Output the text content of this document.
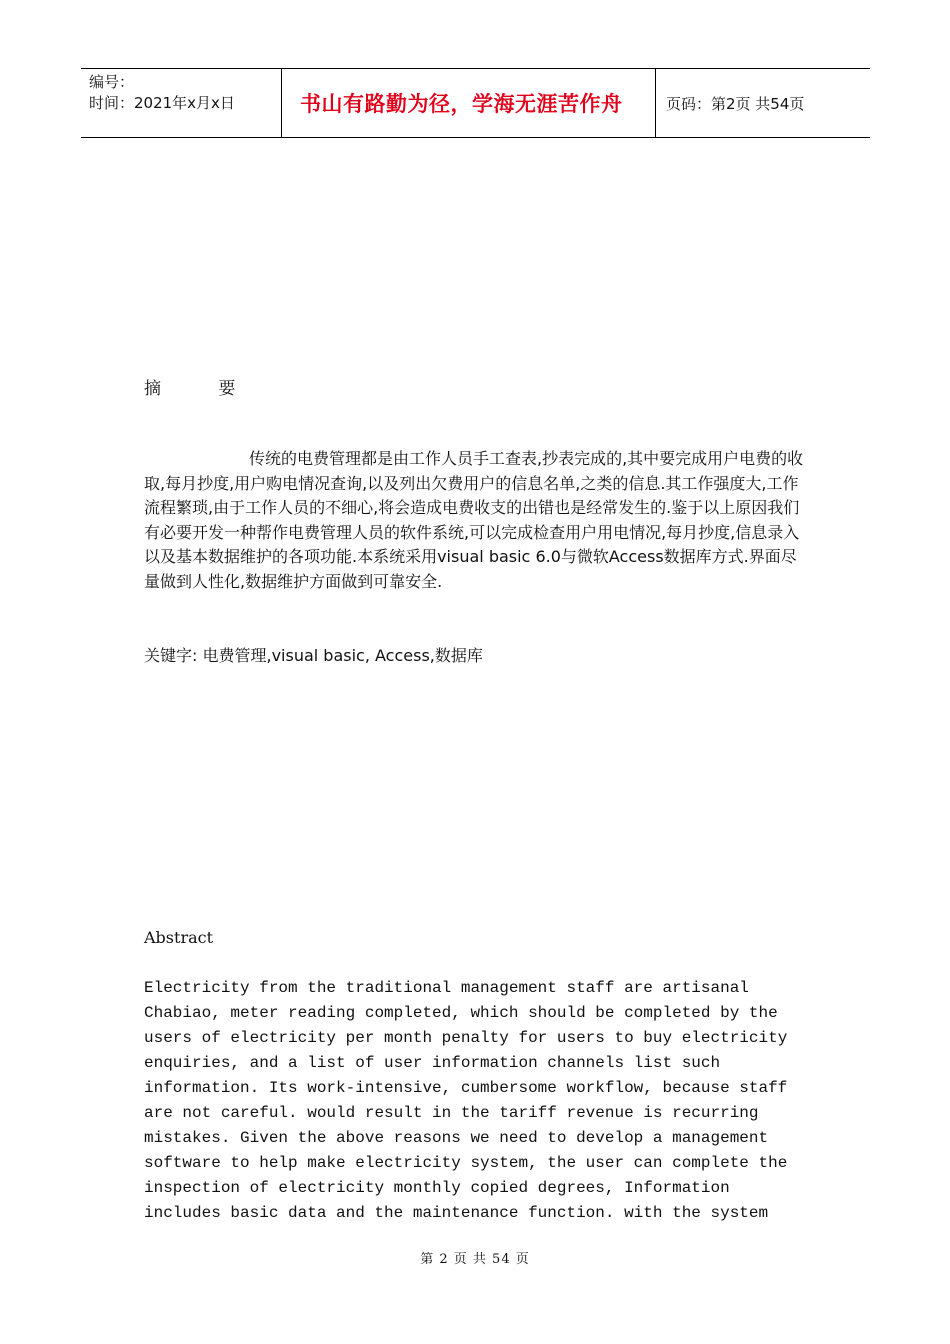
编号：
时间：2021年x月x日	书山有路勤为径，学海无涯苦作舟	页码：第2页 共54页
摘 要
传统的电费管理都是由工作人员手工查表,抄表完成的,其中要完成用户电费的收取,每月抄度,用户购电情况查询,以及列出欠费用户的信息名单,之类的信息.其工作强度大,工作流程繁琐,由于工作人员的不细心,将会造成电费收支的出错也是经常发生的.鉴于以上原因我们有必要开发一种帮作电费管理人员的软件系统,可以完成检查用户用电情况,每月抄度,信息录入以及基本数据维护的各项功能.本系统采用visual basic 6.0与微软Access数据库方式.界面尽量做到人性化,数据维护方面做到可靠安全.
关键字: 电费管理,visual basic, Access,数据库
Abstract
Electricity from the traditional management staff are artisanal
Chabiao, meter reading completed, which should be completed by the
users of electricity per month penalty for users to buy electricity
enquiries, and a list of user information channels list such
information. Its work-intensive, cumbersome workflow, because staff
are not careful. would result in the tariff revenue is recurring
mistakes. Given the above reasons we need to develop a management
software to help make electricity system, the user can complete the
inspection of electricity monthly copied degrees, Information
includes basic data and the maintenance function. with the system
第 2 页 共 54 页
